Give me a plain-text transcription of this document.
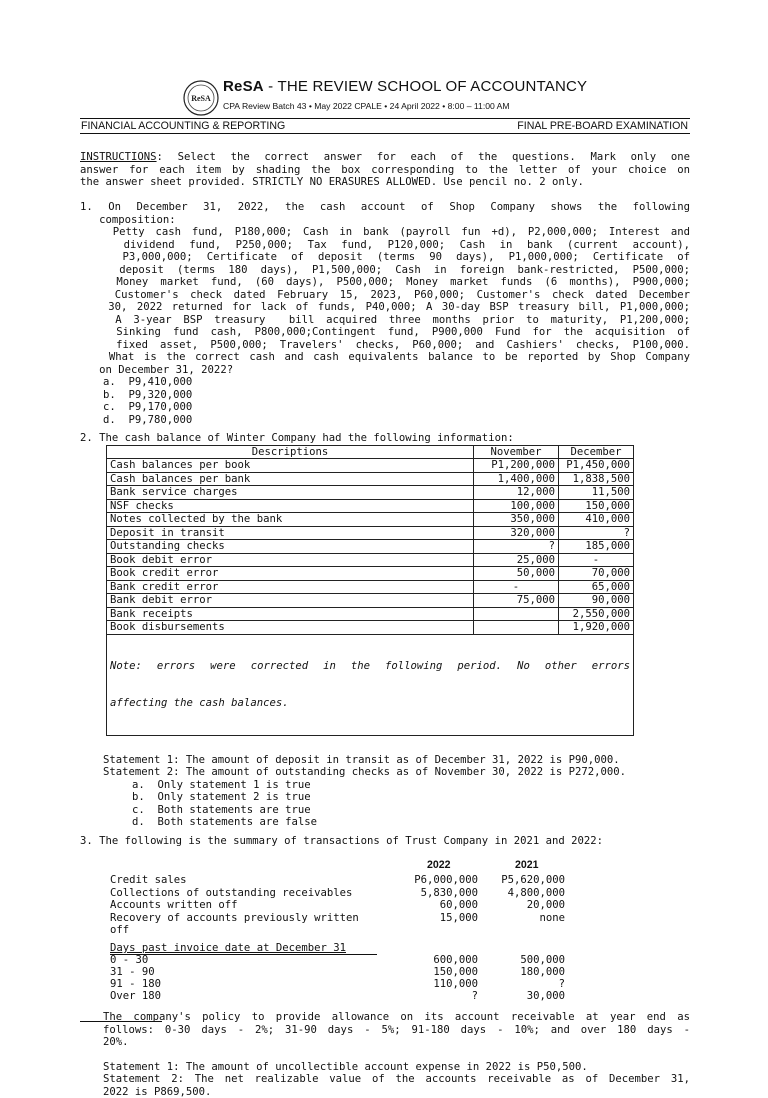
ReSA
ReSA - THE REVIEW SCHOOL OF ACCOUNTANCY
CPA Review Batch 43 • May 2022 CPALE • 24 April 2022 • 8:00 – 11:00 AM
FINANCIAL ACCOUNTING & REPORTING	FINAL PRE-BOARD EXAMINATION
INSTRUCTIONS: Select the correct answer for each of the questions. Mark only one
answer for each item by shading the box corresponding to the letter of your choice on
the answer sheet provided. STRICTLY NO ERASURES ALLOWED. Use pencil no. 2 only.
1. On December 31, 2022, the cash account of Shop Company shows the following
composition:
Petty cash fund, P180,000; Cash in bank (payroll fun +d), P2,000,000; Interest and
dividend fund, P250,000; Tax fund, P120,000; Cash in bank (current account),
P3,000,000; Certificate of deposit (terms 90 days), P1,000,000; Certificate of
deposit (terms 180 days), P1,500,000; Cash in foreign bank-restricted, P500,000;
Money market fund, (60 days), P500,000; Money market funds (6 months), P900,000;
Customer's check dated February 15, 2023, P60,000; Customer's check dated December
30, 2022 returned for lack of funds, P40,000; A 30-day BSP treasury bill, P1,000,000;
A 3-year BSP treasury  bill acquired three months prior to maturity, P1,200,000;
Sinking fund cash, P800,000;Contingent fund, P900,000 Fund for the acquisition of
fixed asset, P500,000; Travelers' checks, P60,000; and Cashiers' checks, P100,000.
What is the correct cash and cash equivalents balance to be reported by Shop Company
on December 31, 2022?
a.  P9,410,000
b.  P9,320,000
c.  P9,170,000
d.  P9,780,000
2. The cash balance of Winter Company had the following information:
Descriptions	November	December
Cash balances per book	P1,200,000	P1,450,000
Cash balances per bank	1,400,000	1,838,500
Bank service charges	12,000	11,500
NSF checks	100,000	150,000
Notes collected by the bank	350,000	410,000
Deposit in transit	320,000	?
Outstanding checks	?	185,000
Book debit error	25,000	-
Book credit error	50,000	70,000
Bank credit error	-	65,000
Bank debit error	75,000	90,000
Bank receipts		2,550,000
Book disbursements		1,920,000

Note: errors were corrected in the following period. No other errors

affecting the cash balances.		

Statement 1: The amount of deposit in transit as of December 31, 2022 is P90,000.
Statement 2: The amount of outstanding checks as of November 30, 2022 is P272,000.
a.  Only statement 1 is true
b.  Only statement 2 is true
c.  Both statements are true
d.  Both statements are false
3. The following is the summary of transactions of Trust Company in 2021 and 2022:
2022	2021
Credit sales	P6,000,000 P5,620,000
Collections of outstanding receivables	5,830,000	4,800,000
Accounts written off	60,000	20,000
Recovery of accounts previously written	15,000	none
off
Days past invoice date at December 31
0 - 30	600,000	500,000
31 - 90	150,000	180,000
91 - 180	110,000	?
Over 180	?	30,000
The company's policy to provide allowance on its account receivable at year end as
follows: 0-30 days - 2%; 31-90 days - 5%; 91-180 days - 10%; and over 180 days -
20%.
Statement 1: The amount of uncollectible account expense in 2022 is P50,500.
Statement 2: The net realizable value of the accounts receivable as of December 31,
2022 is P869,500.
